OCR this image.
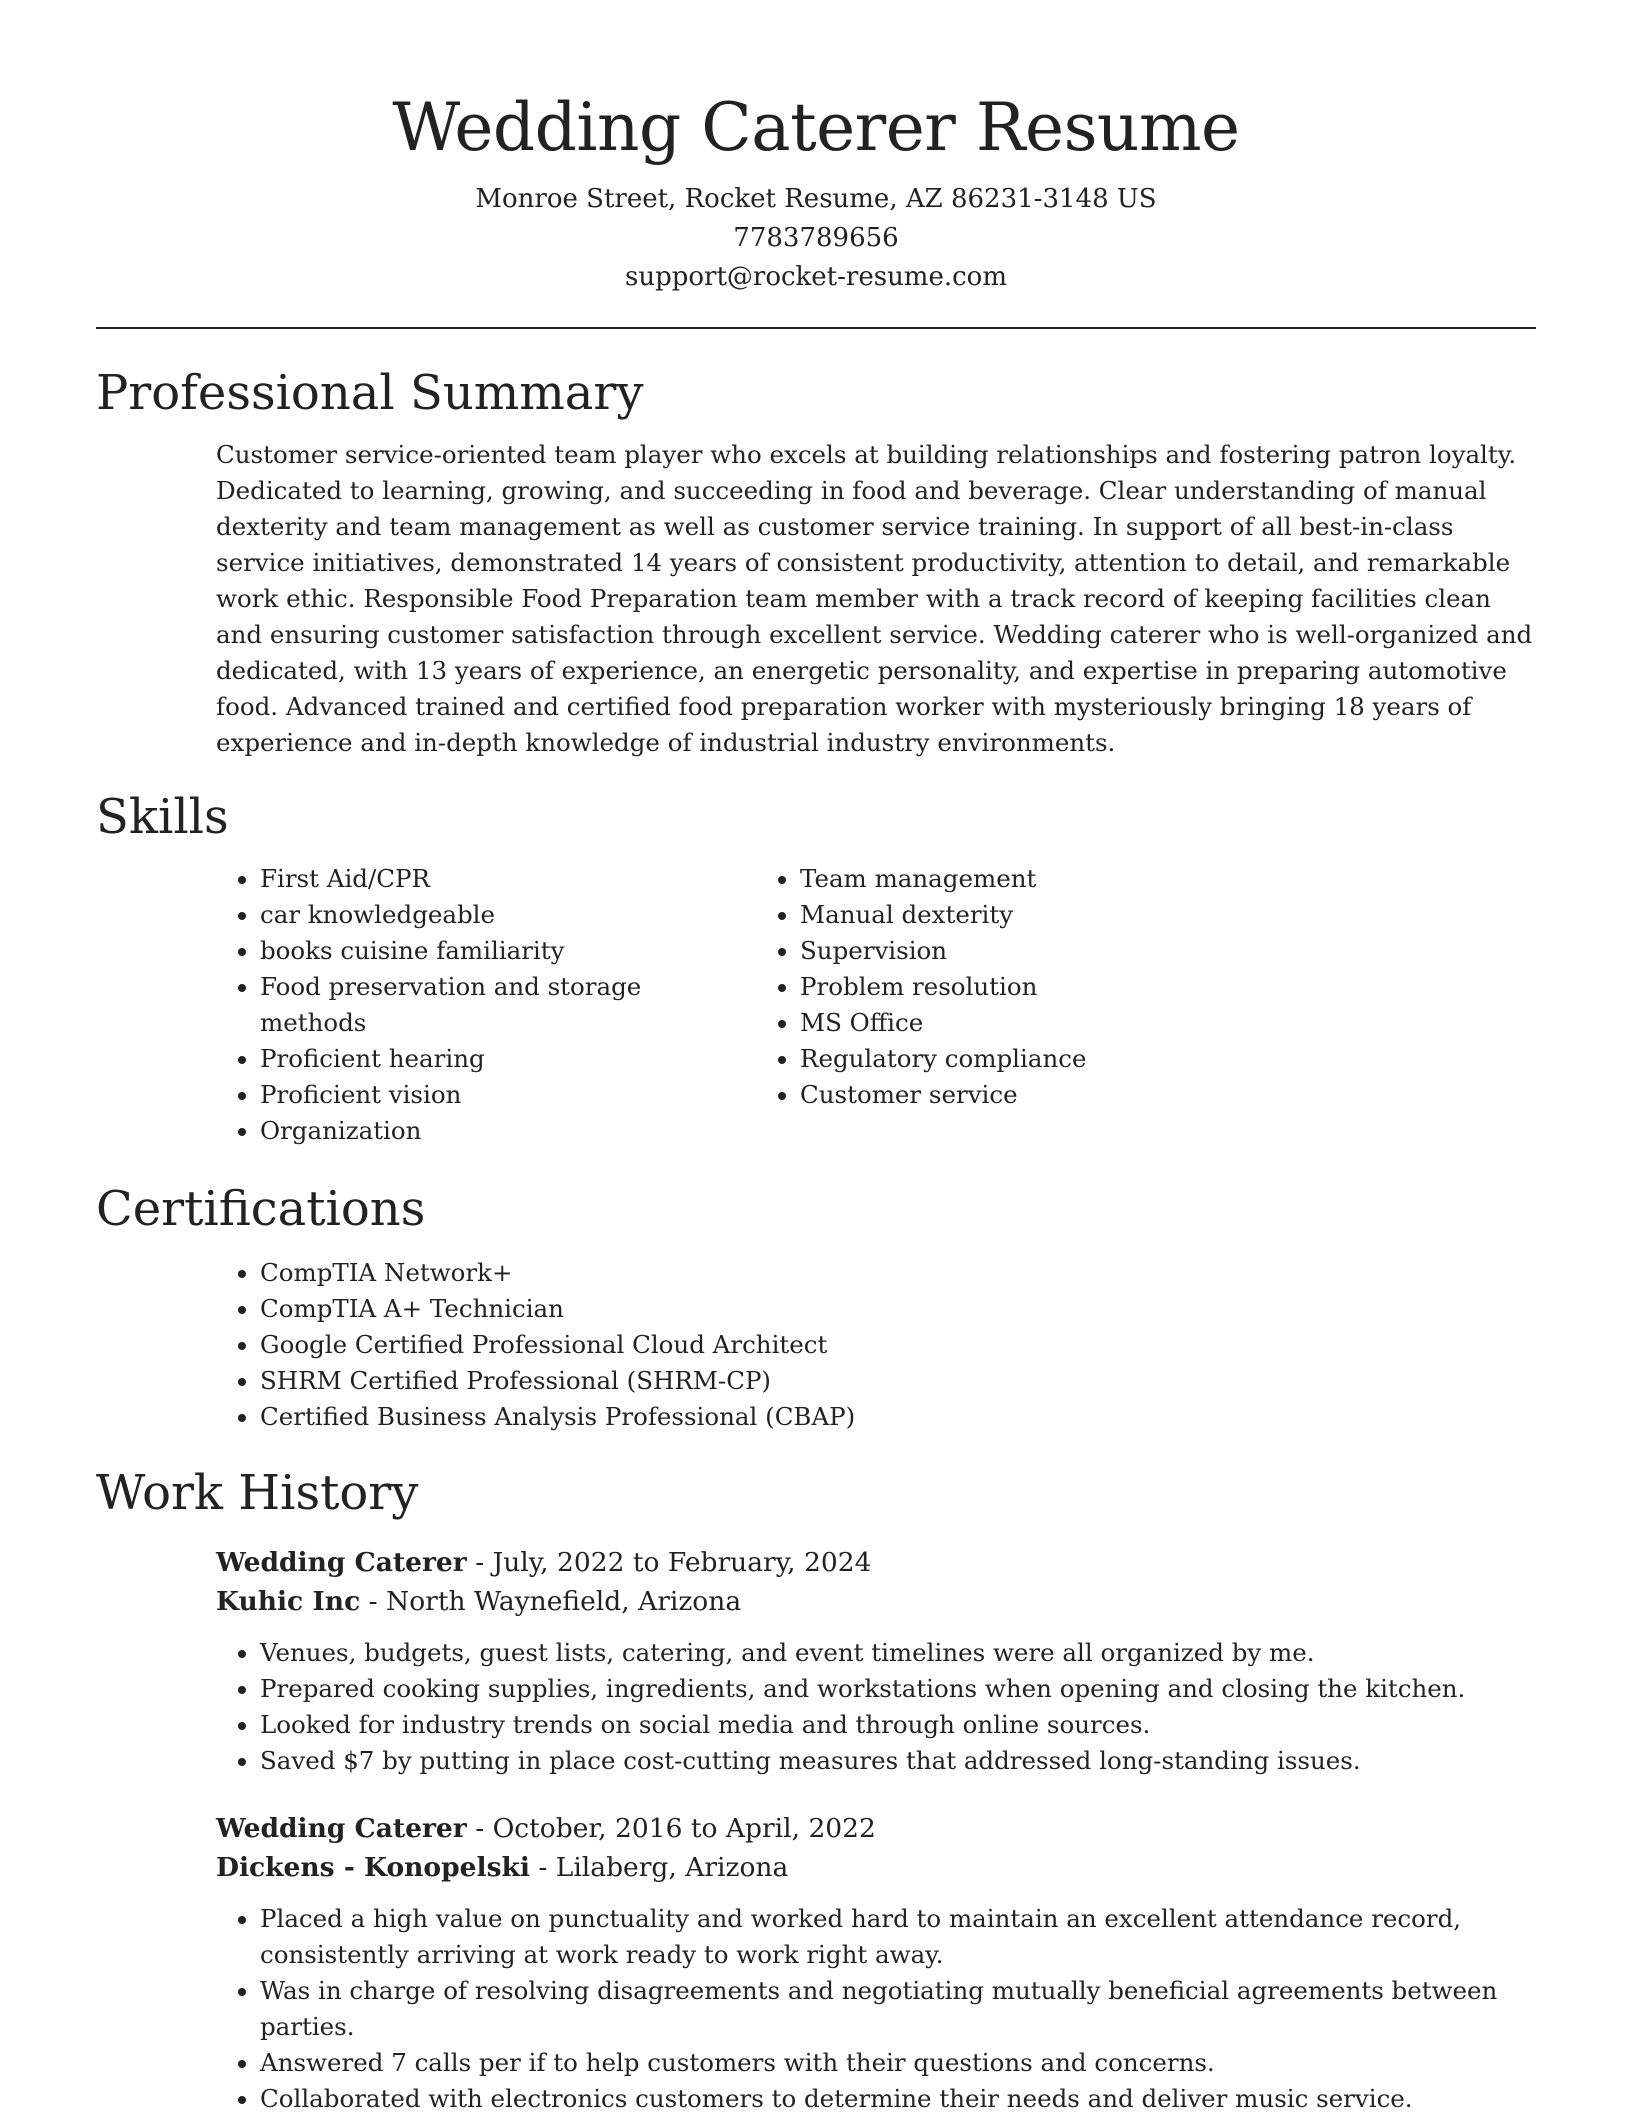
Wedding Caterer Resume
Monroe Street, Rocket Resume, AZ 86231-3148 US
7783789656
support@rocket-resume.com
Professional Summary
Customer service-oriented team player who excels at building relationships and fostering patron loyalty. Dedicated to learning, growing, and succeeding in food and beverage. Clear understanding of manual dexterity and team management as well as customer service training. In support of all best-in-class service initiatives, demonstrated 14 years of consistent productivity, attention to detail, and remarkable work ethic. Responsible Food Preparation team member with a track record of keeping facilities clean and ensuring customer satisfaction through excellent service. Wedding caterer who is well-organized and dedicated, with 13 years of experience, an energetic personality, and expertise in preparing automotive food. Advanced trained and certified food preparation worker with mysteriously bringing 18 years of experience and in-depth knowledge of industrial industry environments.
Skills
• First Aid/CPR
• car knowledgeable
• books cuisine familiarity
• Food preservation and storage methods
• Proficient hearing
• Proficient vision
• Organization
• Team management
• Manual dexterity
• Supervision
• Problem resolution
• MS Office
• Regulatory compliance
• Customer service
Certifications
• CompTIA Network+
• CompTIA A+ Technician
• Google Certified Professional Cloud Architect
• SHRM Certified Professional (SHRM-CP)
• Certified Business Analysis Professional (CBAP)
Work History
Wedding Caterer - July, 2022 to February, 2024
Kuhic Inc - North Waynefield, Arizona
• Venues, budgets, guest lists, catering, and event timelines were all organized by me.
• Prepared cooking supplies, ingredients, and workstations when opening and closing the kitchen.
• Looked for industry trends on social media and through online sources.
• Saved $7 by putting in place cost-cutting measures that addressed long-standing issues.
Wedding Caterer - October, 2016 to April, 2022
Dickens - Konopelski - Lilaberg, Arizona
• Placed a high value on punctuality and worked hard to maintain an excellent attendance record, consistently arriving at work ready to work right away.
• Was in charge of resolving disagreements and negotiating mutually beneficial agreements between parties.
• Answered 7 calls per if to help customers with their questions and concerns.
• Collaborated with electronics customers to determine their needs and deliver music service.
